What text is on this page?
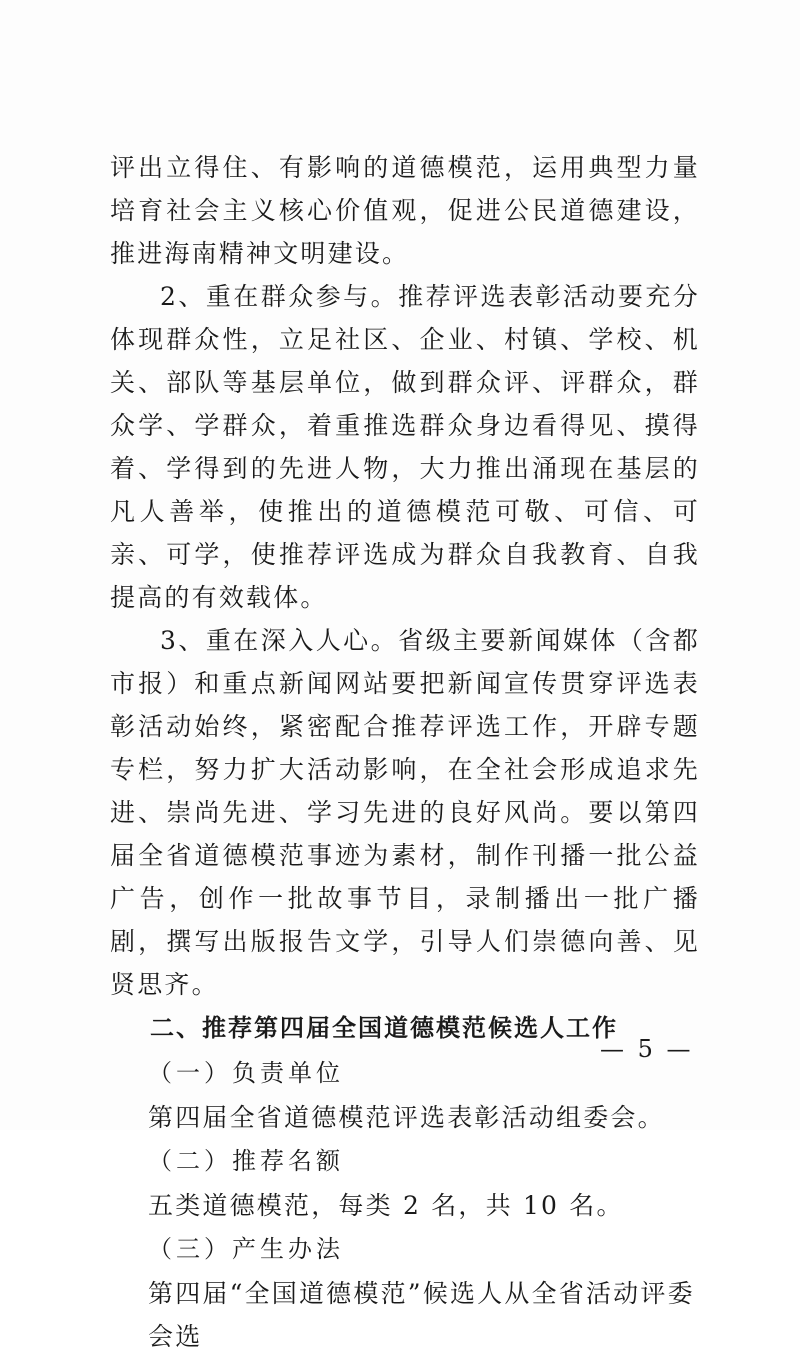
评出立得住、有影响的道德模范，运用典型力量培育社会主义核心价值观，促进公民道德建设，推进海南精神文明建设。

2、重在群众参与。推荐评选表彰活动要充分体现群众性，立足社区、企业、村镇、学校、机关、部队等基层单位，做到群众评、评群众，群众学、学群众，着重推选群众身边看得见、摸得着、学得到的先进人物，大力推出涌现在基层的凡人善举，使推出的道德模范可敬、可信、可亲、可学，使推荐评选成为群众自我教育、自我提高的有效载体。

3、重在深入人心。省级主要新闻媒体（含都市报）和重点新闻网站要把新闻宣传贯穿评选表彰活动始终，紧密配合推荐评选工作，开辟专题专栏，努力扩大活动影响，在全社会形成追求先进、崇尚先进、学习先进的良好风尚。要以第四届全省道德模范事迹为素材，制作刊播一批公益广告，创作一批故事节目，录制播出一批广播剧，撰写出版报告文学，引导人们崇德向善、见贤思齐。

二、推荐第四届全国道德模范候选人工作

（一）负责单位

第四届全省道德模范评选表彰活动组委会。

（二）推荐名额

五类道德模范，每类 2 名，共 10 名。

（三）产生办法

第四届“全国道德模范”候选人从全省活动评委会选

— 5 —
